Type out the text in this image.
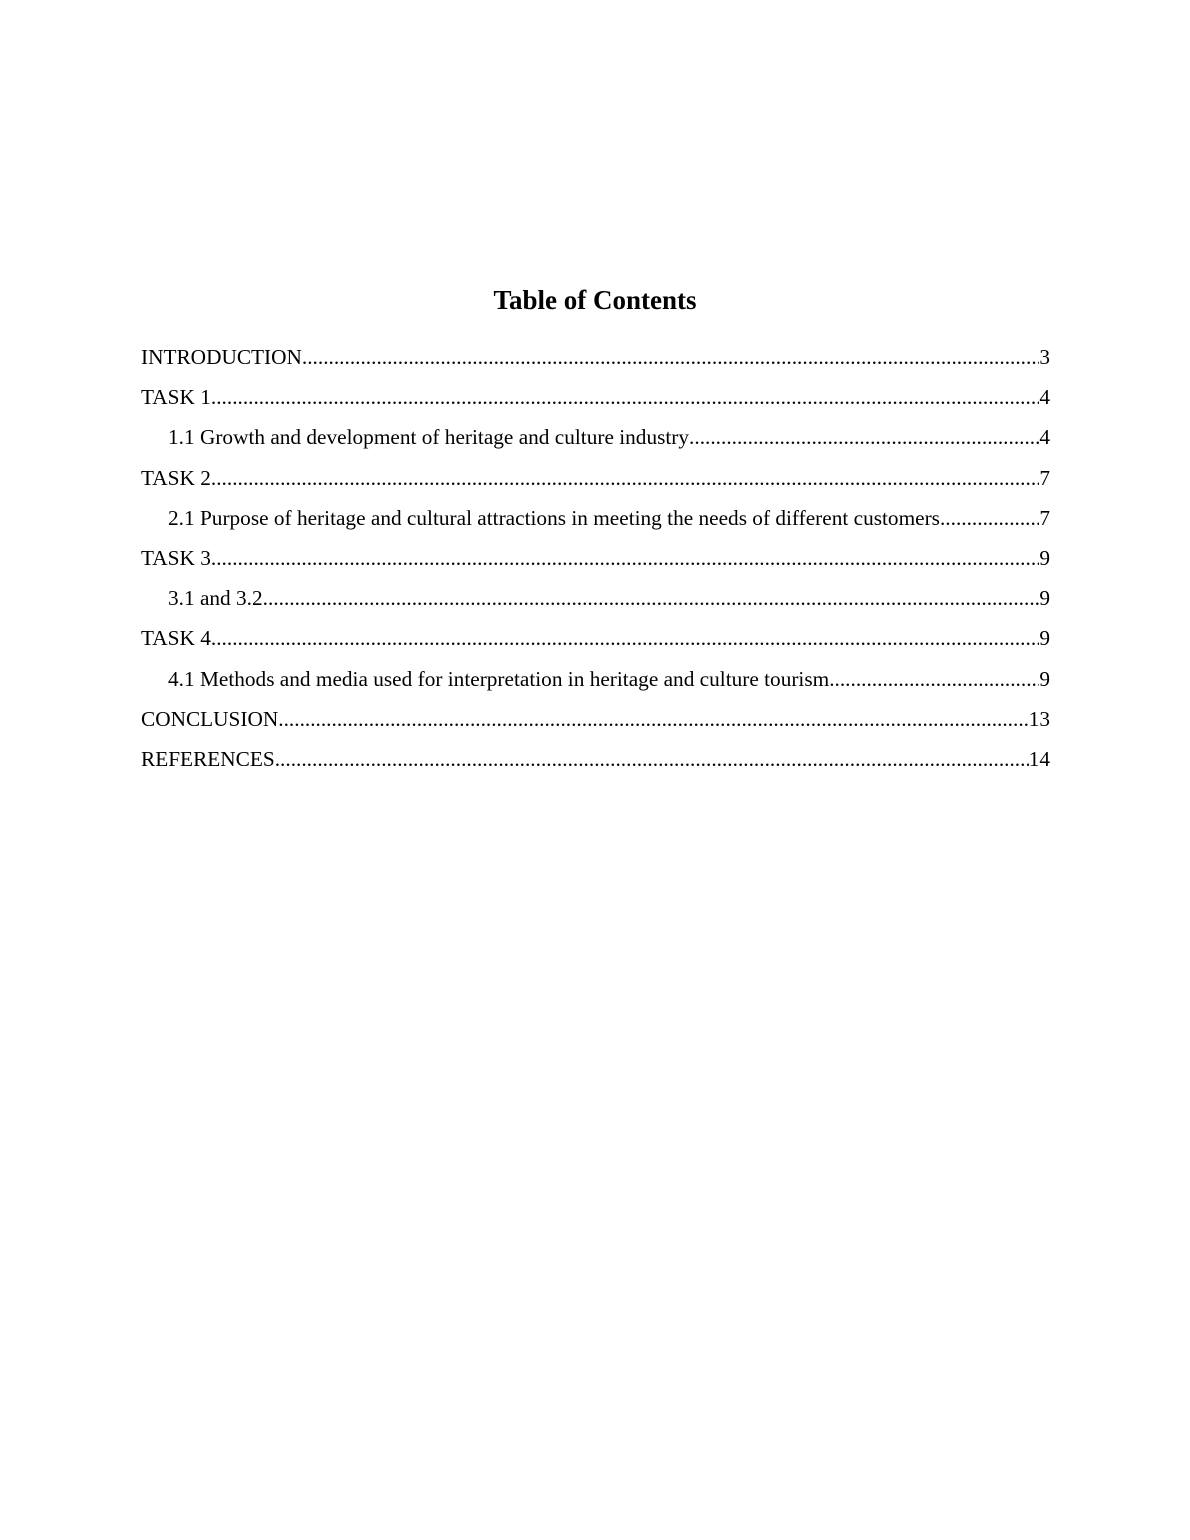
Table of Contents
INTRODUCTION .....	3
TASK 1 .....	4
1.1 Growth and development of heritage and culture industry .....	4
TASK 2 .....	7
2.1 Purpose of heritage and cultural attractions in meeting the needs of different customers .....	7
TASK 3 .....	9
3.1 and 3.2 .....	9
TASK 4 .....	9
4.1 Methods and media used for interpretation in heritage and culture tourism .....	9
CONCLUSION .....	13
REFERENCES .....	14
